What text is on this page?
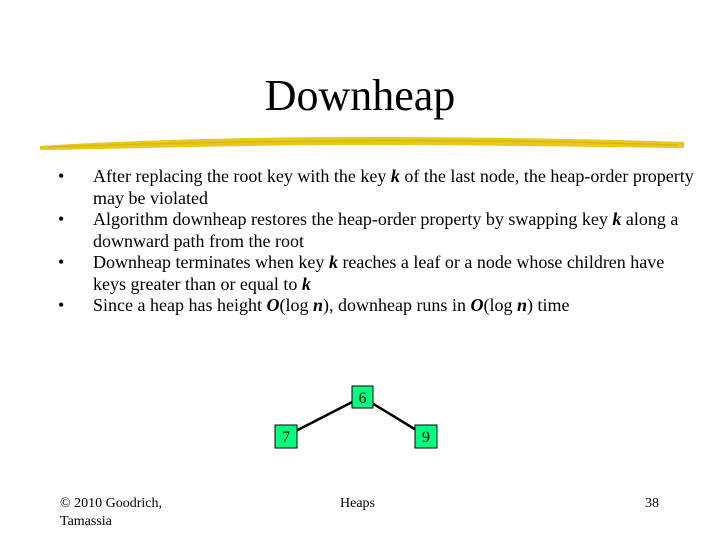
Downheap
• After replacing the root key with the key k of the last node, the heap-order property may be violated
• Algorithm downheap restores the heap-order property by swapping key k along a downward path from the root
• Downheap terminates when key k reaches a leaf or a node whose children have keys greater than or equal to k
• Since a heap has height O(log n), downheap runs in O(log n) time
6
7	9
© 2010 Goodrich, Tamassia
Heaps	38
